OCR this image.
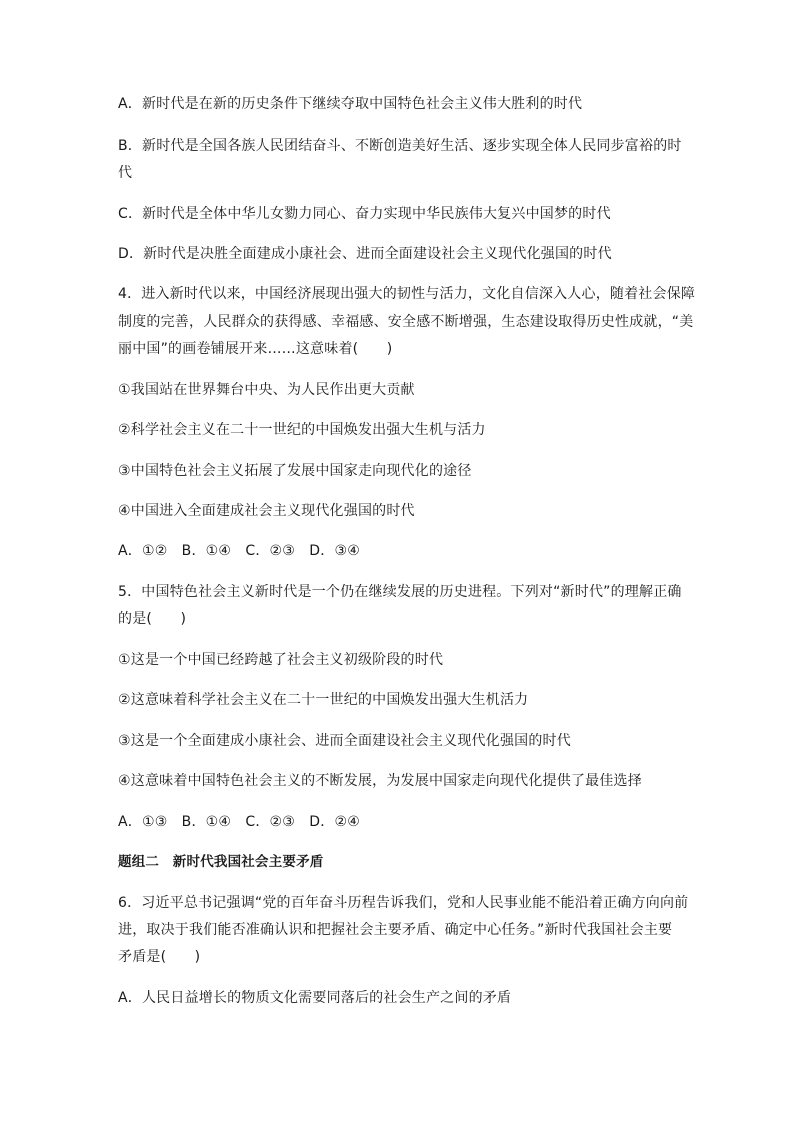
A．新时代是在新的历史条件下继续夺取中国特色社会主义伟大胜利的时代
B．新时代是全国各族人民团结奋斗、不断创造美好生活、逐步实现全体人民同步富裕的时
代
C．新时代是全体中华儿女勠力同心、奋力实现中华民族伟大复兴中国梦的时代
D．新时代是决胜全面建成小康社会、进而全面建设社会主义现代化强国的时代
4．进入新时代以来，中国经济展现出强大的韧性与活力，文化自信深入人心，随着社会保障
制度的完善，人民群众的获得感、幸福感、安全感不断增强，生态建设取得历史性成就，“美
丽中国”的画卷铺展开来……这意味着(　　)
①我国站在世界舞台中央、为人民作出更大贡献
②科学社会主义在二十一世纪的中国焕发出强大生机与活力
③中国特色社会主义拓展了发展中国家走向现代化的途径
④中国进入全面建成社会主义现代化强国的时代
A．①②　B．①④　C．②③　D．③④
5．中国特色社会主义新时代是一个仍在继续发展的历史进程。下列对“新时代”的理解正确
的是(　　)
①这是一个中国已经跨越了社会主义初级阶段的时代
②这意味着科学社会主义在二十一世纪的中国焕发出强大生机活力
③这是一个全面建成小康社会、进而全面建设社会主义现代化强国的时代
④这意味着中国特色社会主义的不断发展，为发展中国家走向现代化提供了最佳选择
A．①③　B．①④　C．②③　D．②④
题组二　新时代我国社会主要矛盾
6．习近平总书记强调“党的百年奋斗历程告诉我们，党和人民事业能不能沿着正确方向向前
进，取决于我们能否准确认识和把握社会主要矛盾、确定中心任务。”新时代我国社会主要
矛盾是(　　)
A．人民日益增长的物质文化需要同落后的社会生产之间的矛盾
